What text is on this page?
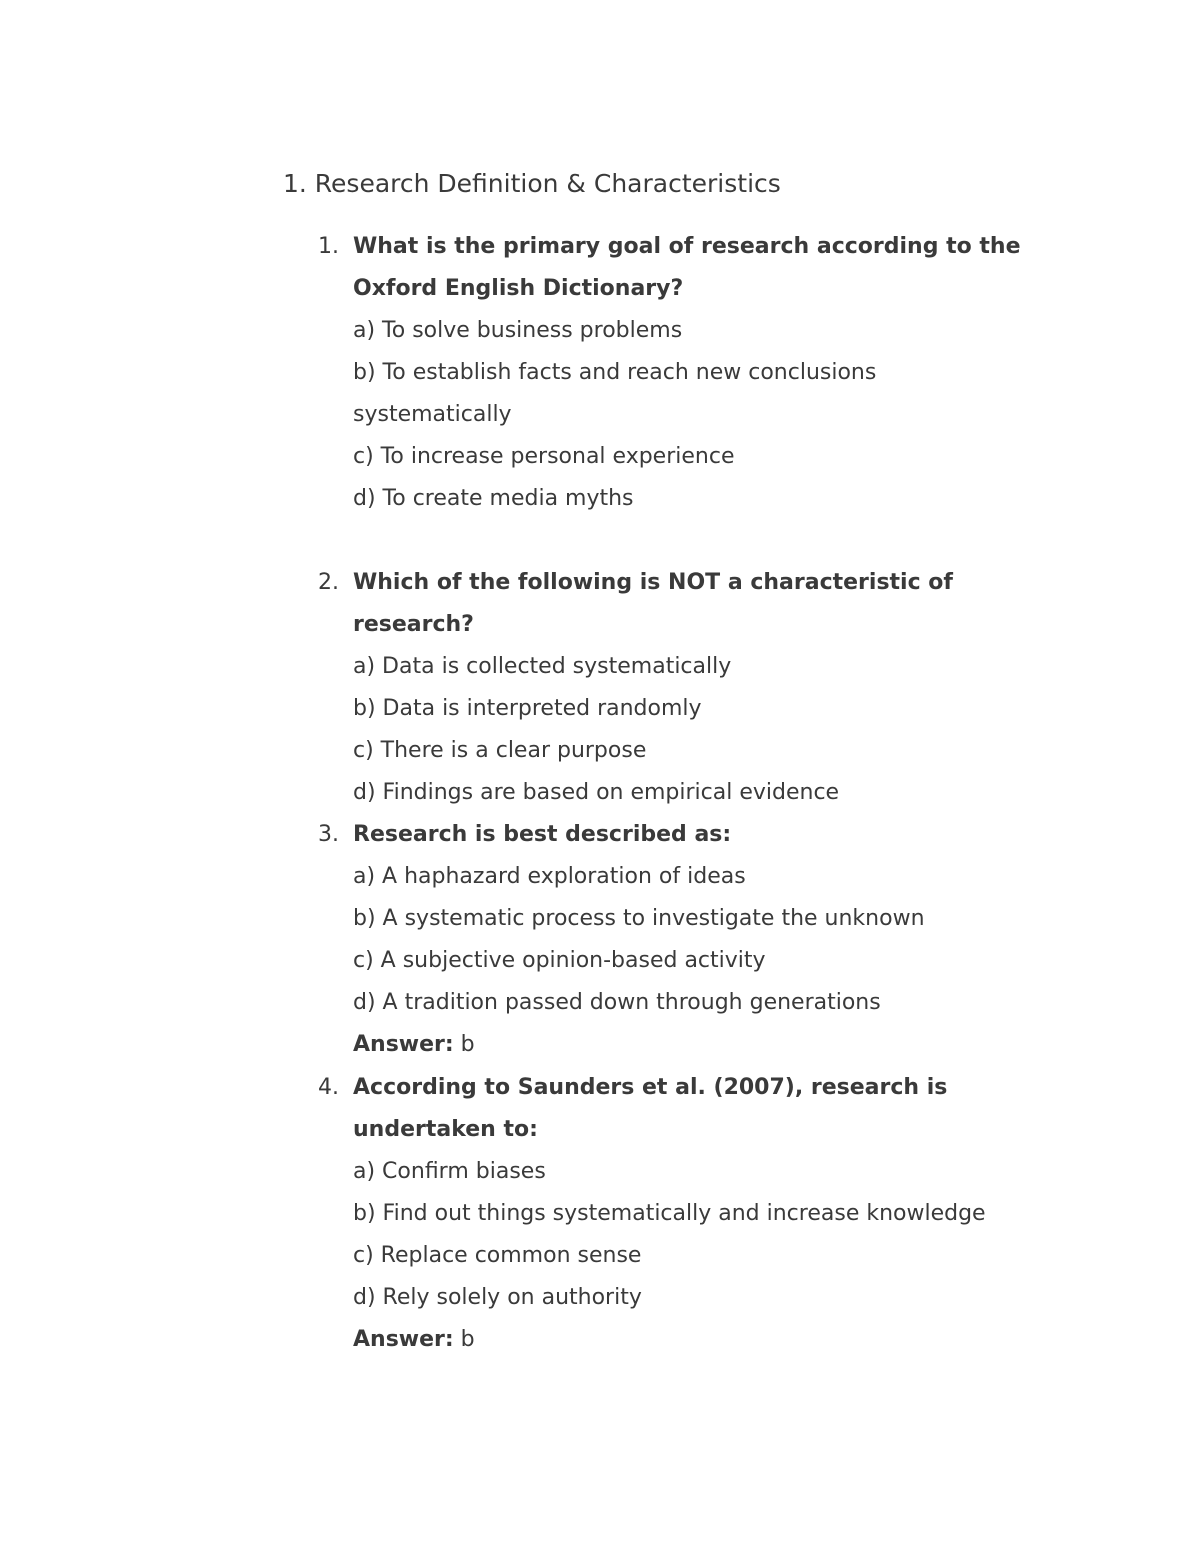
1. Research Definition & Characteristics
1. What is the primary goal of research according to the Oxford English Dictionary?
a) To solve business problems
b) To establish facts and reach new conclusions systematically
c) To increase personal experience
d) To create media myths
2. Which of the following is NOT a characteristic of research?
a) Data is collected systematically
b) Data is interpreted randomly
c) There is a clear purpose
d) Findings are based on empirical evidence
3. Research is best described as:
a) A haphazard exploration of ideas
b) A systematic process to investigate the unknown
c) A subjective opinion-based activity
d) A tradition passed down through generations
Answer: b
4. According to Saunders et al. (2007), research is undertaken to:
a) Confirm biases
b) Find out things systematically and increase knowledge
c) Replace common sense
d) Rely solely on authority
Answer: b
